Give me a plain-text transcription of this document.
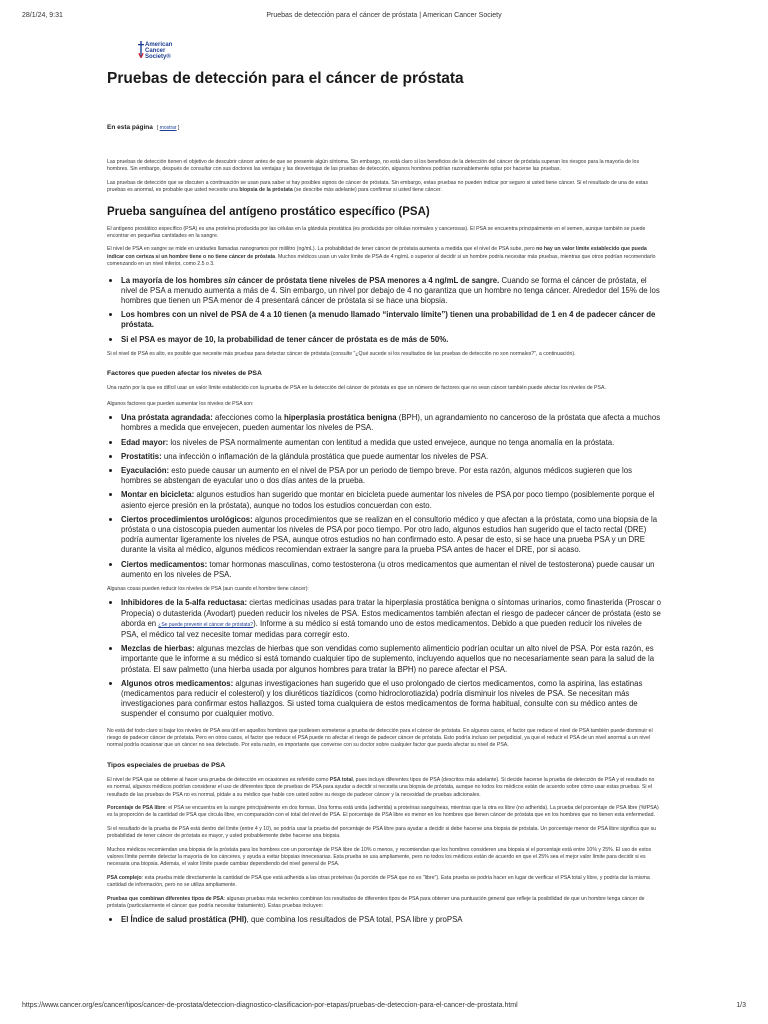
28/1/24, 9:31	Pruebas de detección para el cáncer de próstata | American Cancer Society
American
Cancer
Society®
Pruebas de detección para el cáncer de próstata
En esta página [ mostrar ]

Las pruebas de detección tienen el objetivo de descubrir cáncer antes de que se presente algún síntoma. Sin embargo, no está claro si los beneficios de la detección del cáncer de próstata superan los riesgos para la mayoría de los hombres. Sin embargo, después de consultar con sus doctores las ventajas y las desventajas de las pruebas de detección, algunos hombres podrían razonablemente optar por hacerse las pruebas.

Las pruebas de detección que se discuten a continuación se usan para saber si hay posibles signos de cáncer de próstata. Sin embargo, estas pruebas no pueden indicar por seguro si usted tiene cáncer. Si el resultado de una de estas pruebas es anormal, es probable que usted necesite una biopsia de la próstata (se describe más adelante) para confirmar si usted tiene cáncer.

Prueba sanguínea del antígeno prostático específico (PSA)

El antígeno prostático específico (PSA) es una proteína producida por las células en la glándula prostática (es producida por células normales y cancerosas). El PSA se encuentra principalmente en el semen, aunque también se puede encontrar en pequeñas cantidades en la sangre.

El nivel de PSA en sangre se mide en unidades llamadas nanogramos por mililitro (ng/mL). La probabilidad de tener cáncer de próstata aumenta a medida que el nivel de PSA sube, pero no hay un valor límite establecido que pueda indicar con certeza si un hombre tiene o no tiene cáncer de próstata. Muchos médicos usan un valor límite de PSA de 4 ng/mL o superior al decidir si un hombre podría necesitar más pruebas, mientras que otros podrían recomendarlo comenzando en un nivel inferior, como 2.5 o 3.

• La mayoría de los hombres sin cáncer de próstata tiene niveles de PSA menores a 4 ng/mL de sangre. Cuando se forma el cáncer de próstata, el nivel de PSA a menudo aumenta a más de 4. Sin embargo, un nivel por debajo de 4 no garantiza que un hombre no tenga cáncer. Alrededor del 15% de los hombres que tienen un PSA menor de 4 presentará cáncer de próstata si se hace una biopsia.
• Los hombres con un nivel de PSA de 4 a 10 tienen (a menudo llamado “intervalo límite”) tienen una probabilidad de 1 en 4 de padecer cáncer de próstata.
• Si el PSA es mayor de 10, la probabilidad de tener cáncer de próstata es de más de 50%.

Si el nivel de PSA es alto, es posible que necesite más pruebas para detectar cáncer de próstata (consulte "¿Qué sucede si los resultados de las pruebas de detección no son normales?", a continuación).

Factores que pueden afectar los niveles de PSA

Una razón por la que es difícil usar un valor límite establecido con la prueba de PSA en la detección del cáncer de próstata es que un número de factores que no sean cáncer también puede afectar los niveles de PSA.

Algunos factores que pueden aumentar los niveles de PSA son:

• Una próstata agrandada: afecciones como la hiperplasia prostática benigna (BPH), un agrandamiento no canceroso de la próstata que afecta a muchos hombres a medida que envejecen, pueden aumentar los niveles de PSA.
• Edad mayor: los niveles de PSA normalmente aumentan con lentitud a medida que usted envejece, aunque no tenga anomalía en la próstata.
• Prostatitis: una infección o inflamación de la glándula prostática que puede aumentar los niveles de PSA.
• Eyaculación: esto puede causar un aumento en el nivel de PSA por un periodo de tiempo breve. Por esta razón, algunos médicos sugieren que los hombres se abstengan de eyacular uno o dos días antes de la prueba.
• Montar en bicicleta: algunos estudios han sugerido que montar en bicicleta puede aumentar los niveles de PSA por poco tiempo (posiblemente porque el asiento ejerce presión en la próstata), aunque no todos los estudios concuerdan con esto.
• Ciertos procedimientos urológicos: algunos procedimientos que se realizan en el consultorio médico y que afectan a la próstata, como una biopsia de la próstata o una cistoscopia pueden aumentar los niveles de PSA por poco tiempo. Por otro lado, algunos estudios han sugerido que el tacto rectal (DRE) podría aumentar ligeramente los niveles de PSA, aunque otros estudios no han confirmado esto. A pesar de esto, si se hace una prueba PSA y un DRE durante la visita al médico, algunos médicos recomiendan extraer la sangre para la prueba PSA antes de hacer el DRE, por si acaso.
• Ciertos medicamentos: tomar hormonas masculinas, como testosterona (u otros medicamentos que aumentan el nivel de testosterona) puede causar un aumento en los niveles de PSA.

Algunas cosas pueden reducir los niveles de PSA (aun cuando el hombre tiene cáncer):

• Inhibidores de la 5-alfa reductasa: ciertas medicinas usadas para tratar la hiperplasia prostática benigna o síntomas urinarios, como finasterida (Proscar o Propecia) o dutasterida (Avodart) pueden reducir los niveles de PSA. Estos medicamentos también afectan el riesgo de padecer cáncer de próstata (esto se aborda en ¿Se puede prevenir el cáncer de próstata?). Informe a su médico si está tomando uno de estos medicamentos. Debido a que pueden reducir los niveles de PSA, el médico tal vez necesite tomar medidas para corregir esto.
• Mezclas de hierbas: algunas mezclas de hierbas que son vendidas como suplemento alimenticio podrían ocultar un alto nivel de PSA. Por esta razón, es importante que le informe a su médico si está tomando cualquier tipo de suplemento, incluyendo aquellos que no necesariamente sean para la salud de la próstata. El saw palmetto (una hierba usada por algunos hombres para tratar la BPH) no parece afectar el PSA.
• Algunos otros medicamentos: algunas investigaciones han sugerido que el uso prolongado de ciertos medicamentos, como la aspirina, las estatinas (medicamentos para reducir el colesterol) y los diuréticos tiazídicos (como hidroclorotiazida) podría disminuir los niveles de PSA. Se necesitan más investigaciones para confirmar estos hallazgos. Si usted toma cualquiera de estos medicamentos de forma habitual, consulte con su médico antes de suspender el consumo por cualquier motivo.

No está del todo claro si bajar los niveles de PSA sea útil en aquellos hombres que pudiesen someterse a prueba de detección para el cáncer de próstata. En algunos casos, el factor que reduce el nivel de PSA también puede disminuir el riesgo de padecer cáncer de próstata. Pero en otros casos, el factor que reduce el PSA puede no afectar el riesgo de padecer cáncer de próstata. Esto podría incluso ser perjudicial, ya que el reducir el PSA de un nivel anormal a un nivel normal podría ocasionar que un cáncer no sea detectado. Por esta razón, es importante que converse con su doctor sobre cualquier factor que pueda afectar su nivel de PSA.

Tipos especiales de pruebas de PSA

El nivel de PSA que se obtiene al hacer una prueba de detección en ocasiones es referido como PSA total, pues incluye diferentes tipos de PSA (descritos más adelante). Si decide hacerse la prueba de detección de PSA y el resultado no es normal, algunos médicos podrían considerar el uso de diferentes tipos de pruebas de PSA para ayudar a decidir si necesita una biopsia de próstata, aunque no todos los médicos están de acuerdo sobre cómo usar estas pruebas. Si el resultado de las pruebas de PSA no es normal, pídale a su médico que hable con usted sobre su riesgo de padecer cáncer y la necesidad de pruebas adicionales.

Porcentaje de PSA libre: el PSA se encuentra en la sangre principalmente en dos formas. Una forma está unida (adherida) a proteínas sanguíneas, mientras que la otra es libre (no adherida). La prueba del porcentaje de PSA libre (%fPSA) es la proporción de la cantidad de PSA que circula libre, en comparación con el total del nivel de PSA. El porcentaje de PSA libre es menor en los hombres que tienen cáncer de próstata que en los hombres que no tienen esta enfermedad.

Si el resultado de la prueba de PSA está dentro del límite (entre 4 y 10), se podría usar la prueba del porcentaje de PSA libre para ayudar a decidir si debe hacerse una biopsia de próstata. Un porcentaje menor de PSA libre significa que su probabilidad de tener cáncer de próstata es mayor, y usted probablemente debe hacerse una biopsia.

Muchos médicos recomiendan una biopsia de la próstata para los hombres con un porcentaje de PSA libre de 10% o menos, y recomiendan que los hombres consideren una biopsia si el porcentaje está entre 10% y 25%. El uso de estos valores límite permite detectar la mayoría de los cánceres, y ayuda a evitar biopsias innecesarias. Esta prueba se usa ampliamente, pero no todos los médicos están de acuerdo en que el 25% sea el mejor valor límite para decidir si es necesaria una biopsia. Además, el valor límite puede cambiar dependiendo del nivel general de PSA.

PSA complejo: esta prueba mide directamente la cantidad de PSA que está adherida a las otras proteínas (la porción de PSA que no es "libre"). Esta prueba se podría hacer en lugar de verificar el PSA total y libre, y podría dar la misma cantidad de información, pero no se utiliza ampliamente.

Pruebas que combinan diferentes tipos de PSA: algunas pruebas más recientes combinan los resultados de diferentes tipos de PSA para obtener una puntuación general que refleje la posibilidad de que un hombre tenga cáncer de próstata (particularmente el cáncer que podría necesitar tratamiento). Estas pruebas incluyen:

• El Índice de salud prostática (PHI), que combina los resultados de PSA total, PSA libre y proPSA
https://www.cancer.org/es/cancer/tipos/cancer-de-prostata/deteccion-diagnostico-clasificacion-por-etapas/pruebas-de-deteccion-para-el-cancer-de-prostata.html	1/3
